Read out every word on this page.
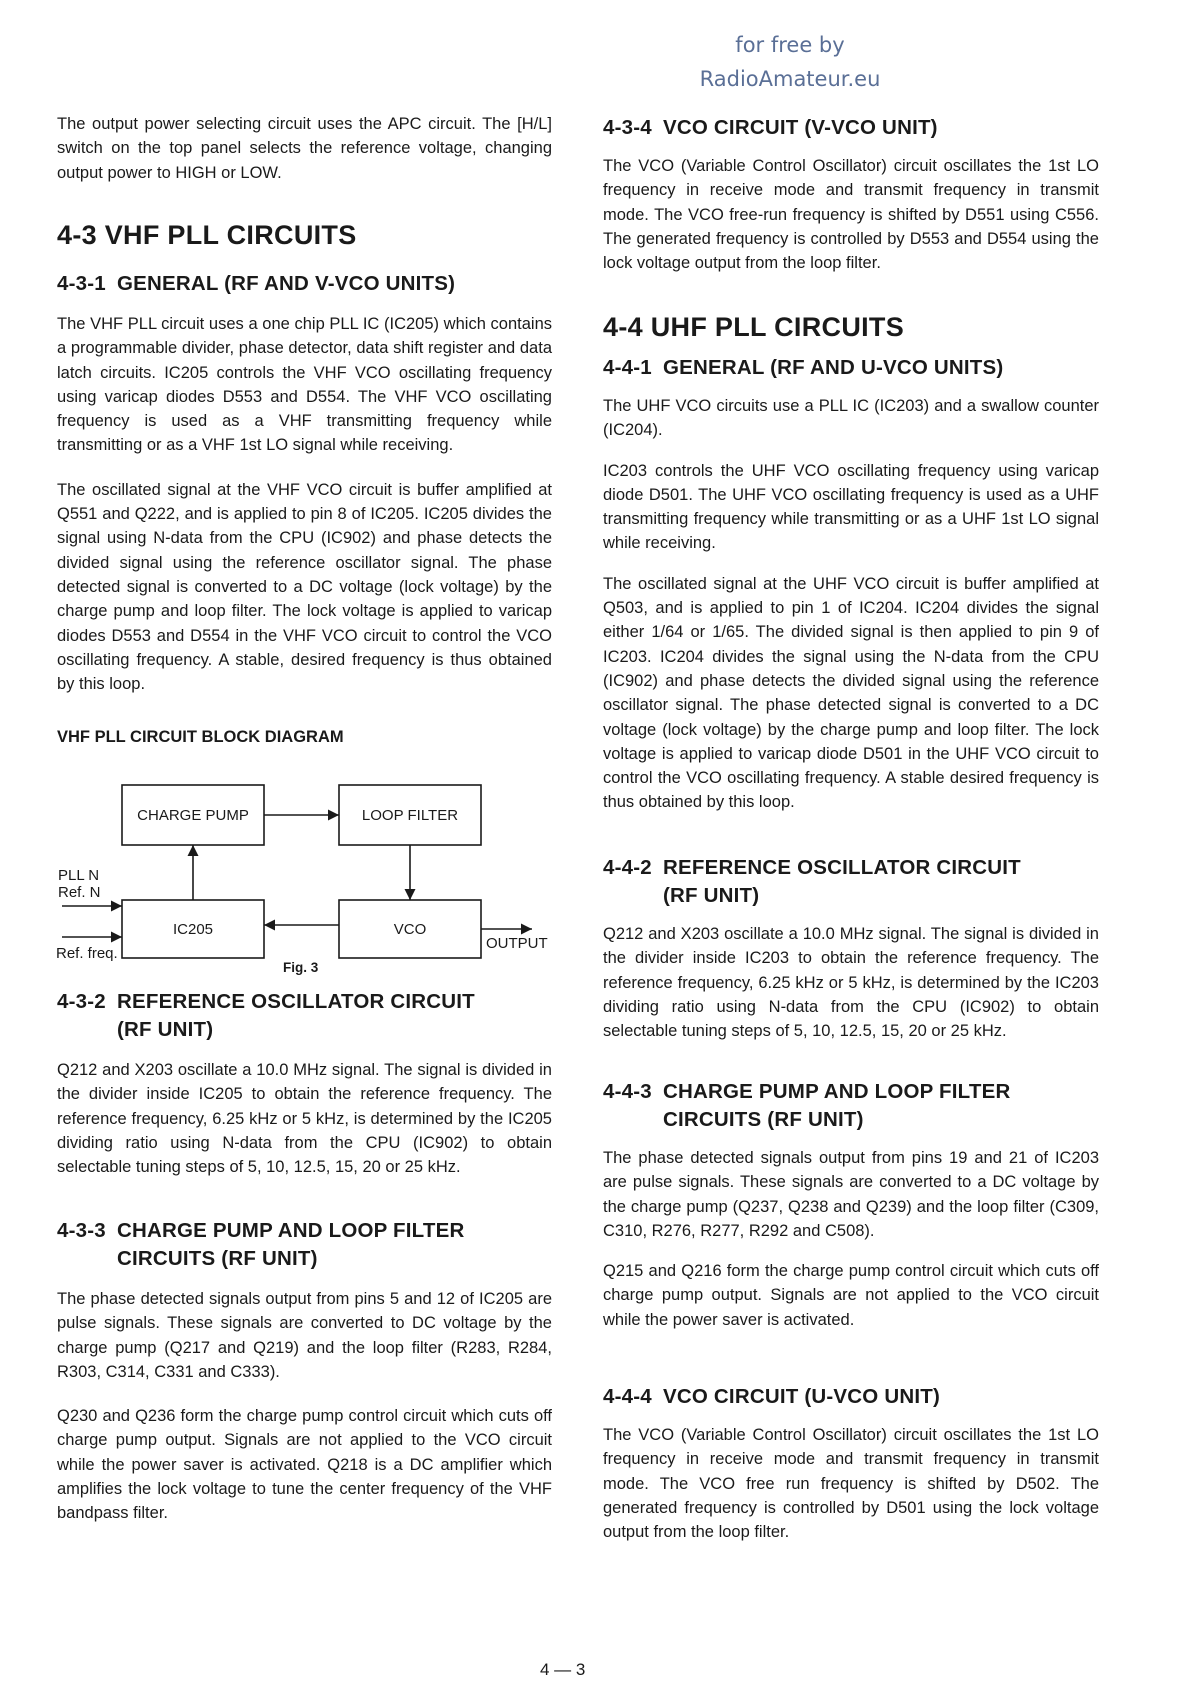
for free by
RadioAmateur.eu

The output power selecting circuit uses the APC circuit. The [H/L] switch on the top panel selects the reference voltage, changing output power to HIGH or LOW.

4-3 VHF PLL CIRCUITS
4-3-1 GENERAL (RF AND V-VCO UNITS)

The VHF PLL circuit uses a one chip PLL IC (IC205) which contains a programmable divider, phase detector, data shift register and data latch circuits. IC205 controls the VHF VCO oscillating frequency using varicap diodes D553 and D554. The VHF VCO oscillating frequency is used as a VHF transmitting frequency while transmitting or as a VHF 1st LO signal while receiving.

The oscillated signal at the VHF VCO circuit is buffer amplified at Q551 and Q222, and is applied to pin 8 of IC205. IC205 divides the signal using N-data from the CPU (IC902) and phase detects the divided signal using the reference oscillator signal. The phase detected signal is converted to a DC voltage (lock voltage) by the charge pump and loop filter. The lock voltage is applied to varicap diodes D553 and D554 in the VHF VCO circuit to control the VCO oscillating frequency. A stable, desired frequency is thus obtained by this loop.

VHF PLL CIRCUIT BLOCK DIAGRAM

CHARGE PUMP	LOOP FILTER
IC205	VCO
PLL N
Ref. N
Ref. freq.
OUTPUT
Fig. 3
4-3-2 REFERENCE OSCILLATOR CIRCUIT
(RF UNIT)

Q212 and X203 oscillate a 10.0 MHz signal. The signal is divided in the divider inside IC205 to obtain the reference frequency. The reference frequency, 6.25 kHz or 5 kHz, is determined by the IC205 dividing ratio using N-data from the CPU (IC902) to obtain selectable tuning steps of 5, 10, 12.5, 15, 20 or 25 kHz.

4-3-3 CHARGE PUMP AND LOOP FILTER
CIRCUITS (RF UNIT)

The phase detected signals output from pins 5 and 12 of IC205 are pulse signals. These signals are converted to DC voltage by the charge pump (Q217 and Q219) and the loop filter (R283, R284, R303, C314, C331 and C333).

Q230 and Q236 form the charge pump control circuit which cuts off charge pump output. Signals are not applied to the VCO circuit while the power saver is activated. Q218 is a DC amplifier which amplifies the lock voltage to tune the center frequency of the VHF bandpass filter.

4-3-4 VCO CIRCUIT (V-VCO UNIT)

The VCO (Variable Control Oscillator) circuit oscillates the 1st LO frequency in receive mode and transmit frequency in transmit mode. The VCO free-run frequency is shifted by D551 using C556. The generated frequency is controlled by D553 and D554 using the lock voltage output from the loop filter.

4-4 UHF PLL CIRCUITS
4-4-1 GENERAL (RF AND U-VCO UNITS)

The UHF VCO circuits use a PLL IC (IC203) and a swallow counter (IC204).

IC203 controls the UHF VCO oscillating frequency using varicap diode D501. The UHF VCO oscillating frequency is used as a UHF transmitting frequency while transmitting or as a UHF 1st LO signal while receiving.

The oscillated signal at the UHF VCO circuit is buffer amplified at Q503, and is applied to pin 1 of IC204. IC204 divides the signal either 1/64 or 1/65. The divided signal is then applied to pin 9 of IC203. IC204 divides the signal using the N-data from the CPU (IC902) and phase detects the divided signal using the reference oscillator signal. The phase detected signal is converted to a DC voltage (lock voltage) by the charge pump and loop filter. The lock voltage is applied to varicap diode D501 in the UHF VCO circuit to control the VCO oscillating frequency. A stable desired frequency is thus obtained by this loop.

4-4-2 REFERENCE OSCILLATOR CIRCUIT
(RF UNIT)

Q212 and X203 oscillate a 10.0 MHz signal. The signal is divided in the divider inside IC203 to obtain the reference frequency. The reference frequency, 6.25 kHz or 5 kHz, is determined by the IC203 dividing ratio using N-data from the CPU (IC902) to obtain selectable tuning steps of 5, 10, 12.5, 15, 20 or 25 kHz.

4-4-3 CHARGE PUMP AND LOOP FILTER
CIRCUITS (RF UNIT)

The phase detected signals output from pins 19 and 21 of IC203 are pulse signals. These signals are converted to a DC voltage by the charge pump (Q237, Q238 and Q239) and the loop filter (C309, C310, R276, R277, R292 and C508).

Q215 and Q216 form the charge pump control circuit which cuts off charge pump output. Signals are not applied to the VCO circuit while the power saver is activated.

4-4-4 VCO CIRCUIT (U-VCO UNIT)

The VCO (Variable Control Oscillator) circuit oscillates the 1st LO frequency in receive mode and transmit frequency in transmit mode. The VCO free run frequency is shifted by D502. The generated frequency is controlled by D501 using the lock voltage output from the loop filter.

4 — 3
